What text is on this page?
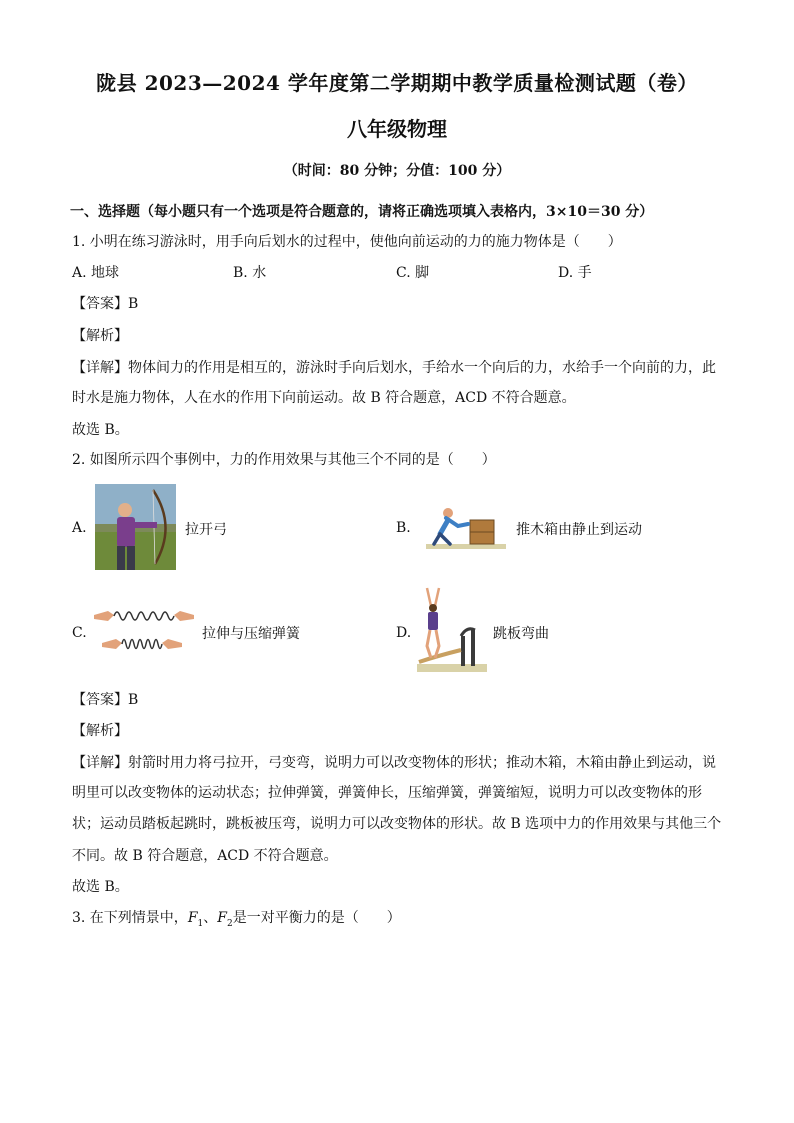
陇县 2023—2024 学年度第二学期期中教学质量检测试题（卷）
八年级物理
（时间：80 分钟；分值：100 分）
一、选择题（每小题只有一个选项是符合题意的，请将正确选项填入表格内，3×10＝30 分）
1. 小明在练习游泳时，用手向后划水的过程中，使他向前运动的力的施力物体是（　　）
A. 地球	B. 水	C. 脚	D. 手
【答案】B
【解析】
【详解】物体间力的作用是相互的，游泳时手向后划水，手给水一个向后的力，水给手一个向前的力，此
时水是施力物体，人在水的作用下向前运动。故 B 符合题意，ACD 不符合题意。
故选 B。
2. 如图所示四个事例中，力的作用效果与其他三个不同的是（　　）
A.	拉开弓	B.	推木箱由静止到运动
C.	拉伸与压缩弹簧	D.	跳板弯曲
【答案】B
【解析】
【详解】射箭时用力将弓拉开，弓变弯，说明力可以改变物体的形状；推动木箱，木箱由静止到运动，说
明里可以改变物体的运动状态；拉伸弹簧，弹簧伸长，压缩弹簧，弹簧缩短，说明力可以改变物体的形
状；运动员踏板起跳时，跳板被压弯，说明力可以改变物体的形状。故 B 选项中力的作用效果与其他三个
不同。故 B 符合题意，ACD 不符合题意。
故选 B。
3. 在下列情景中，$F_1$、$F_2$是一对平衡力的是（　　）
